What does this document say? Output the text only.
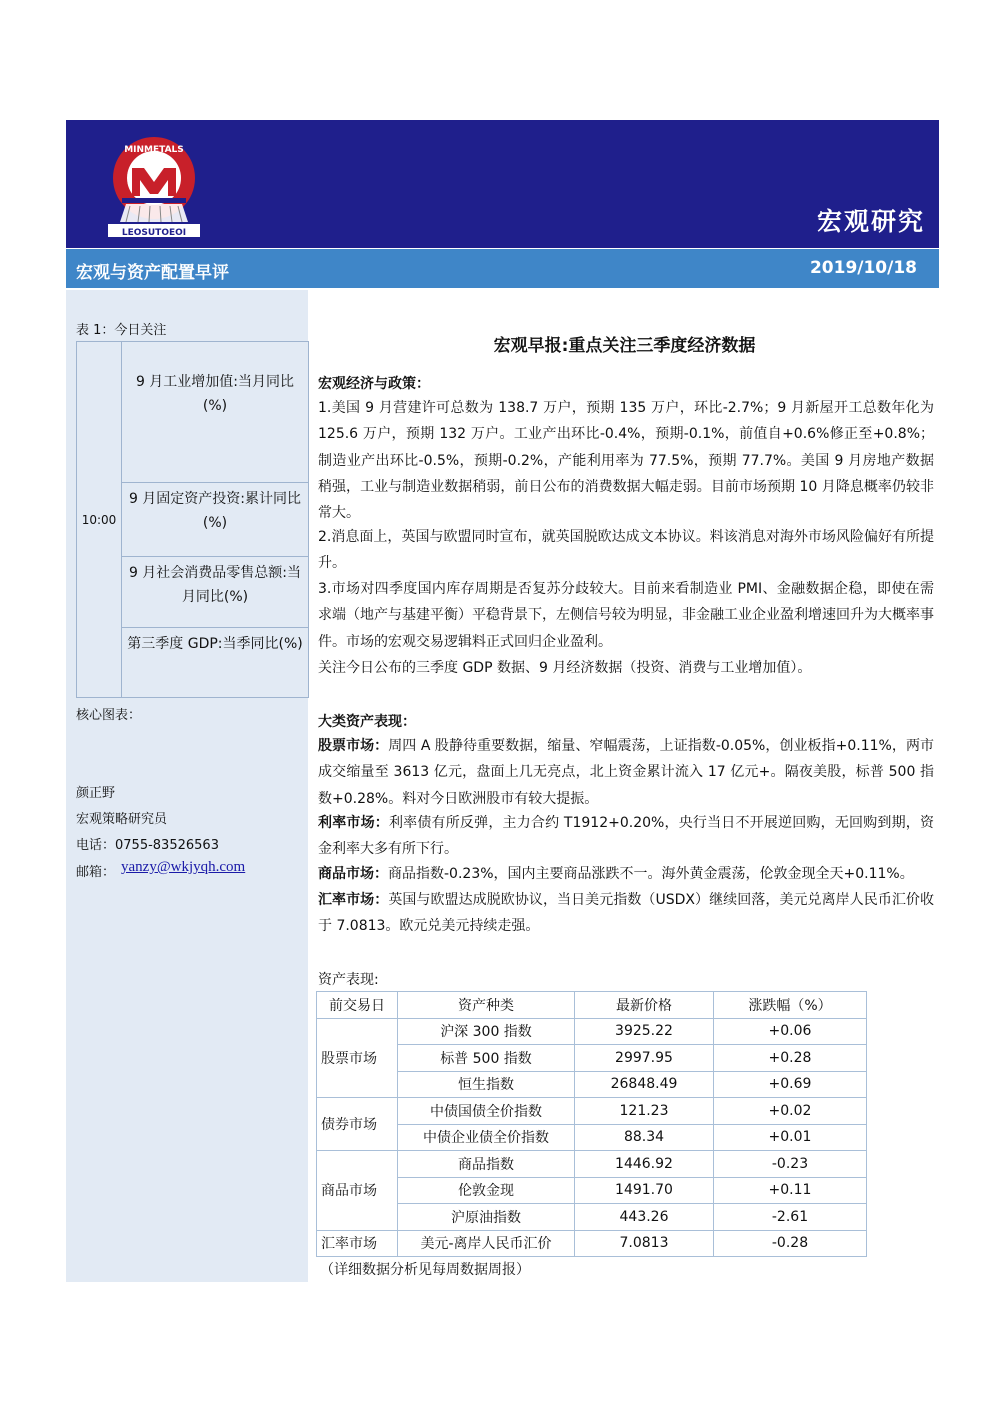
MINMETALS
LEOSUTOEOI	宏观研究
宏观与资产配置早评	2019/10/18
表 1：今日关注
10:00	9 月工业增加值:当月同比(%)
9 月固定资产投资:累计同比(%)
9 月社会消费品零售总额:当月同比(%)
第三季度 GDP:当季同比(%)
核心图表：
颜正野
宏观策略研究员
电话：0755-83526563
邮箱： yanzy@wkjyqh.com
宏观早报:重点关注三季度经济数据
宏观经济与政策：
1.美国 9 月营建许可总数为 138.7 万户，预期 135 万户，环比-2.7%；9 月新屋开工总数年化为 125.6 万户，预期 132 万户。工业产出环比-0.4%，预期-0.1%，前值自+0.6%修正至+0.8%；制造业产出环比-0.5%，预期-0.2%，产能利用率为 77.5%，预期 77.7%。美国 9 月房地产数据稍强，工业与制造业数据稍弱，前日公布的消费数据大幅走弱。目前市场预期 10 月降息概率仍较非常大。
2.消息面上，英国与欧盟同时宣布，就英国脱欧达成文本协议。料该消息对海外市场风险偏好有所提升。
3.市场对四季度国内库存周期是否复苏分歧较大。目前来看制造业 PMI、金融数据企稳，即使在需求端（地产与基建平衡）平稳背景下，左侧信号较为明显，非金融工业企业盈利增速回升为大概率事件。市场的宏观交易逻辑料正式回归企业盈利。
关注今日公布的三季度 GDP 数据、9 月经济数据（投资、消费与工业增加值）。
大类资产表现：
股票市场：周四 A 股静待重要数据，缩量、窄幅震荡，上证指数-0.05%，创业板指+0.11%，两市成交缩量至 3613 亿元，盘面上几无亮点，北上资金累计流入 17 亿元+。隔夜美股，标普 500 指数+0.28%。料对今日欧洲股市有较大提振。
利率市场：利率债有所反弹，主力合约 T1912+0.20%，央行当日不开展逆回购，无回购到期，资金利率大多有所下行。
商品市场：商品指数-0.23%，国内主要商品涨跌不一。海外黄金震荡，伦敦金现全天+0.11%。
汇率市场：英国与欧盟达成脱欧协议，当日美元指数（USDX）继续回落，美元兑离岸人民币汇价收于 7.0813。欧元兑美元持续走强。
资产表现:
前交易日	资产种类	最新价格	涨跌幅（%）
股票市场	沪深 300 指数	3925.22	+0.06
	标普 500 指数	2997.95	+0.28
	恒生指数	26848.49	+0.69
债券市场	中债国债全价指数	121.23	+0.02
	中债企业债全价指数	88.34	+0.01
商品市场	商品指数	1446.92	-0.23
	伦敦金现	1491.70	+0.11
	沪原油指数	443.26	-2.61
汇率市场	美元-离岸人民币汇价	7.0813	-0.28
（详细数据分析见每周数据周报）
